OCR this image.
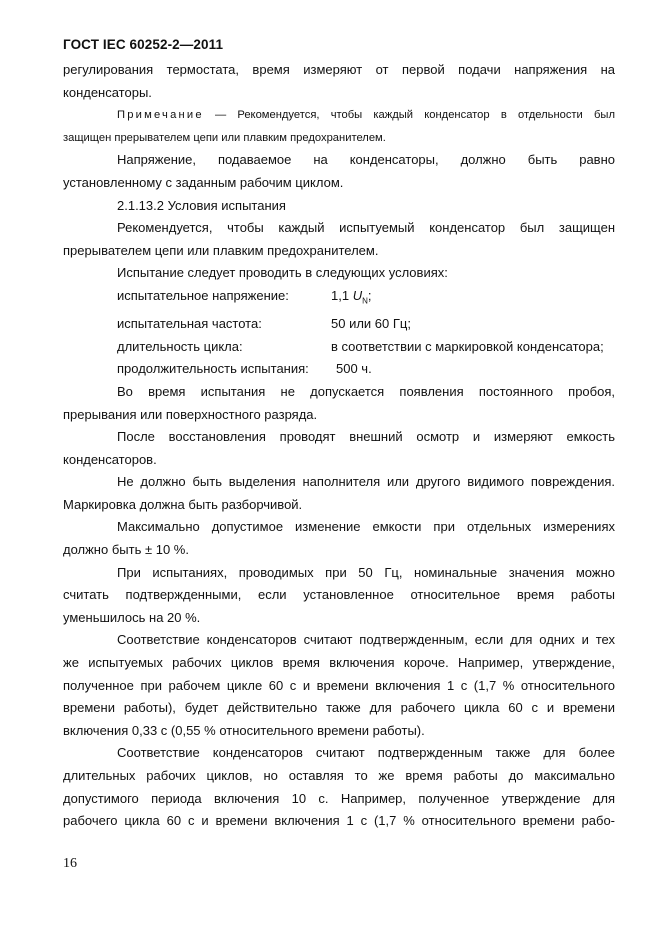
ГОСТ IEC 60252-2—2011
регулирования термостата, время измеряют от первой подачи напряжения на
конденсаторы.
Примечание — Рекомендуется, чтобы каждый конденсатор в отдельности был
защищен прерывателем цепи или плавким предохранителем.
Напряжение, подаваемое на конденсаторы, должно быть равно
установленному с заданным рабочим циклом.
2.1.13.2 Условия испытания
Рекомендуется, чтобы каждый испытуемый конденсатор был защищен
прерывателем цепи или плавким предохранителем.
Испытание следует проводить в следующих условиях:
испытательное напряжение:	1,1 $U_N$;
испытательная частота:	50 или 60 Гц;
длительность цикла:	в соответствии с маркировкой конденсатора;
продолжительность испытания:	500 ч.
Во время испытания не допускается появления постоянного пробоя,
прерывания или поверхностного разряда.
После восстановления проводят внешний осмотр и измеряют емкость
конденсаторов.
Не должно быть выделения наполнителя или другого видимого повреждения.
Маркировка должна быть разборчивой.
Максимально допустимое изменение емкости при отдельных измерениях
должно быть ± 10 %.
При испытаниях, проводимых при 50 Гц, номинальные значения можно
считать подтвержденными, если установленное относительное время работы
уменьшилось на 20 %.
Соответствие конденсаторов считают подтвержденным, если для одних и тех
же испытуемых рабочих циклов время включения короче. Например, утверждение,
полученное при рабочем цикле 60 с и времени включения 1 с (1,7 % относительного
времени работы), будет действительно также для рабочего цикла 60 с и времени
включения 0,33 с (0,55 % относительного времени работы).
Соответствие конденсаторов считают подтвержденным также для более
длительных рабочих циклов, но оставляя то же время работы до максимально
допустимого периода включения 10 с. Например, полученное утверждение для
рабочего цикла 60 с и времени включения 1 с (1,7 % относительного времени рабо-
16
